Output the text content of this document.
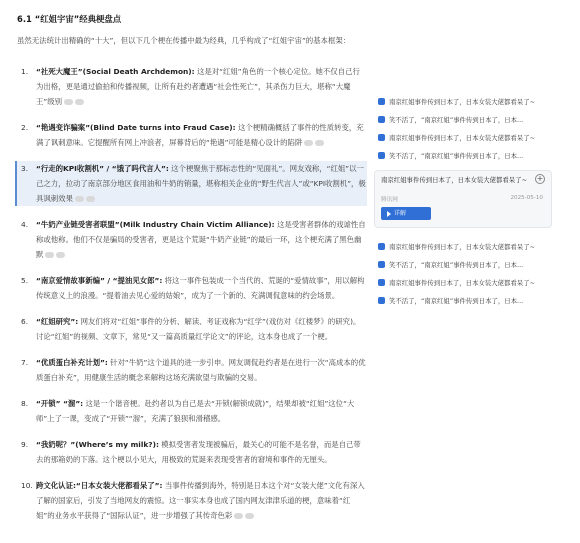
6.1 “红姐宇宙”经典梗盘点
虽然无法统计出精确的“十大”，但以下几个梗在传播中最为经典，几乎构成了“红姐宇宙”的基本框架：
1. “社死大魔王”(Social Death Archdemon): 这是对“红姐”角色的一个核心定位。她不仅自己行为出格，更是通过偷拍和传播视频，让所有赴约者遭遇“社会性死亡”，其杀伤力巨大，堪称“大魔王”级别
2. “艳遇变诈骗案”(Blind Date turns into Fraud Case): 这个梗精确概括了事件的性质转变，充满了讽刺意味。它提醒所有网上冲浪者，屏幕背后的“艳遇”可能是精心设计的陷阱
3. “行走的KPI收割机” / “饿了吗代言人”: 这个梗聚焦于那标志性的“见面礼”。网友戏称，“红姐”以一己之力，拉动了南京部分地区食用油和牛奶的销量，堪称相关企业的“野生代言人”或“KPI收割机”，极具讽刺效果
4. “牛奶产业链受害者联盟”(Milk Industry Chain Victim Alliance): 这是受害者群体的戏谑性自称或他称。他们不仅是骗局的受害者，更是这个荒诞“牛奶产业链”的最后一环，这个梗充满了黑色幽默
5. “南京爱情故事新编” / “提油见女郎”: 将这一事件包装成一个当代的、荒诞的“爱情故事”，用以解构传统意义上的浪漫。“提着油去见心爱的姑娘”，成为了一个新的、充满调侃意味的约会场景。
6. “红姐研究”: 网友们将对“红姐”事件的分析、解读、考证戏称为“红学”(戏仿对《红楼梦》的研究)。讨论“红姐”的视频、文章下，常见“又一篇高质量红学论文”的评论，这本身也成了一个梗。
7. “优质蛋白补充计划”: 针对“牛奶”这个道具的进一步引申。网友调侃赴约者是在进行一次“高成本的优质蛋白补充”，用健康生活的概念来解构这场充满欲望与欺骗的交易。
8. “开锁” “溜”: 这是一个谐音梗。赴约者以为自己是去“开锁(解锁成就)”，结果却被“红姐”这位“大师”上了一课，变成了“开锁”“溜”，充满了狼狈和滑稽感。
9. “我奶呢？”(Where’s my milk?): 模拟受害者发现被骗后，最关心的可能不是名誉，而是自己带去的那箱奶的下落。这个梗以小见大，用极致的荒诞来表现受害者的窘境和事件的无厘头。
10. 跨文化认证:“日本女装大佬都看呆了”: 当事件传播到海外，特别是日本这个对“女装大佬”文化有深入了解的国家后，引发了当地网友的震惊。这一事实本身也成了国内网友津津乐道的梗，意味着“红姐”的业务水平获得了“国际认证”，进一步增强了其传奇色彩
南京红姐事件传到日本了，日本女装大佬都看呆了~
笑不活了，“南京红姐”事件传到日本了，日本...
南京红姐事件传到日本了，日本女装大佬都看呆了~
笑不活了，“南京红姐”事件传到日本了，日本...
南京红姐事件传到日本了，日本女装大佬都看呆了~	+
腾讯网	2025-05-10
详解
南京红姐事件传到日本了，日本女装大佬都看呆了~
笑不活了，“南京红姐”事件传到日本了，日本...
南京红姐事件传到日本了，日本女装大佬都看呆了~
笑不活了，“南京红姐”事件传到日本了，日本...
